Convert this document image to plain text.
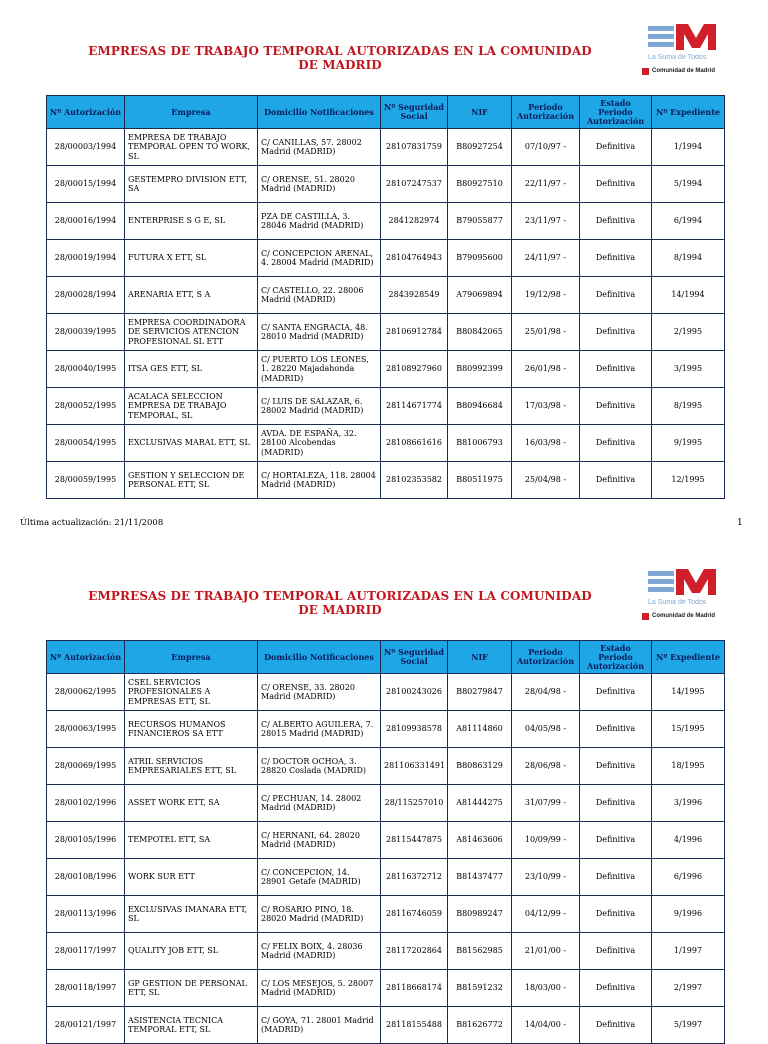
EMPRESAS DE TRABAJO TEMPORAL AUTORIZADAS EN LA COMUNIDAD DE MADRID
La Suma de Todos
Comunidad de Madrid
Nº Autorización	Empresa	Domicilio Notificaciones	Nº Seguridad Social	NIF	Periodo Autorización	Estado Periodo Autorización	Nº Expediente
28/00003/1994	EMPRESA DE TRABAJO TEMPORAL OPEN TO WORK, SL	C/ CANILLAS, 57. 28002 Madrid (MADRID)	28107831759	B80927254	07/10/97 -	Definitiva	1/1994
28/00015/1994	GESTEMPRO DIVISION ETT, SA	C/ ORENSE, 51. 28020 Madrid (MADRID)	28107247537	B80927510	22/11/97 -	Definitiva	5/1994
28/00016/1994	ENTERPRISE S G E, SL	PZA DE CASTILLA, 3. 28046 Madrid (MADRID)	2841282974	B79055877	23/11/97 -	Definitiva	6/1994
28/00019/1994	FUTURA X ETT, SL	C/ CONCEPCION ARENAL, 4. 28004 Madrid (MADRID)	28104764943	B79095600	24/11/97 -	Definitiva	8/1994
28/00028/1994	ARENARIA ETT, S A	C/ CASTELLO, 22. 28006 Madrid (MADRID)	2843928549	A79069894	19/12/98 -	Definitiva	14/1994
28/00039/1995	EMPRESA COORDINADORA DE SERVICIOS ATENCION PROFESIONAL SL ETT	C/ SANTA ENGRACIA, 48. 28010 Madrid (MADRID)	28106912784	B80842065	25/01/98 -	Definitiva	2/1995
28/00040/1995	ITSA GES ETT, SL	C/ PUERTO LOS LEONES, 1. 28220 Majadahonda (MADRID)	28108927960	B80992399	26/01/98 -	Definitiva	3/1995
28/00052/1995	ACALACA SELECCION EMPRESA DE TRABAJO TEMPORAL, SL	C/ LUIS DE SALAZAR, 6. 28002 Madrid (MADRID)	28114671774	B80946684	17/03/98 -	Definitiva	8/1995
28/00054/1995	EXCLUSIVAS MARAL ETT, SL	AVDA. DE ESPAÑA, 32. 28100 Alcobendas (MADRID)	28108661616	B81006793	16/03/98 -	Definitiva	9/1995
28/00059/1995	GESTION Y SELECCION DE PERSONAL ETT, SL	C/ HORTALEZA, 118. 28004 Madrid (MADRID)	28102353582	B80511975	25/04/98 -	Definitiva	12/1995
Última actualización: 21/11/2008	1
EMPRESAS DE TRABAJO TEMPORAL AUTORIZADAS EN LA COMUNIDAD DE MADRID
La Suma de Todos
Comunidad de Madrid
Nº Autorización	Empresa	Domicilio Notificaciones	Nº Seguridad Social	NIF	Periodo Autorización	Estado Periodo Autorización	Nº Expediente
28/00062/1995	CSEL SERVICIOS PROFESIONALES A EMPRESAS ETT, SL	C/ ORENSE, 33. 28020 Madrid (MADRID)	28100243026	B80279847	28/04/98 -	Definitiva	14/1995
28/00063/1995	RECURSOS HUMANOS FINANCIEROS SA ETT	C/ ALBERTO AGUILERA, 7. 28015 Madrid (MADRID)	28109938578	A81114860	04/05/98 -	Definitiva	15/1995
28/00069/1995	ATRIL SERVICIOS EMPRESARIALES ETT, SL	C/ DOCTOR OCHOA, 3. 28820 Coslada (MADRID)	281106331491	B80863129	28/06/98 -	Definitiva	18/1995
28/00102/1996	ASSET WORK ETT, SA	C/ PECHUAN, 14. 28002 Madrid (MADRID)	28/115257010	A81444275	31/07/99 -	Definitiva	3/1996
28/00105/1996	TEMPOTEL ETT, SA	C/ HERNANI, 64. 28020 Madrid (MADRID)	28115447875	A81463606	10/09/99 -	Definitiva	4/1996
28/00108/1996	WORK SUR ETT	C/ CONCEPCION, 14. 28901 Getafe (MADRID)	28116372712	B81437477	23/10/99 -	Definitiva	6/1996
28/00113/1996	EXCLUSIVAS IMANARA ETT, SL	C/ ROSARIO PINO, 18. 28020 Madrid (MADRID)	28116746059	B80989247	04/12/99 -	Definitiva	9/1996
28/00117/1997	QUALITY JOB ETT, SL	C/ FELIX BOIX, 4. 28036 Madrid (MADRID)	28117202864	B81562985	21/01/00 -	Definitiva	1/1997
28/00118/1997	GP GESTION DE PERSONAL ETT, SL	C/ LOS MESEJOS, 5. 28007 Madrid (MADRID)	28118668174	B81591232	18/03/00 -	Definitiva	2/1997
28/00121/1997	ASISTENCIA TECNICA TEMPORAL ETT, SL	C/ GOYA, 71. 28001 Madrid (MADRID)	28118155488	B81626772	14/04/00 -	Definitiva	5/1997
